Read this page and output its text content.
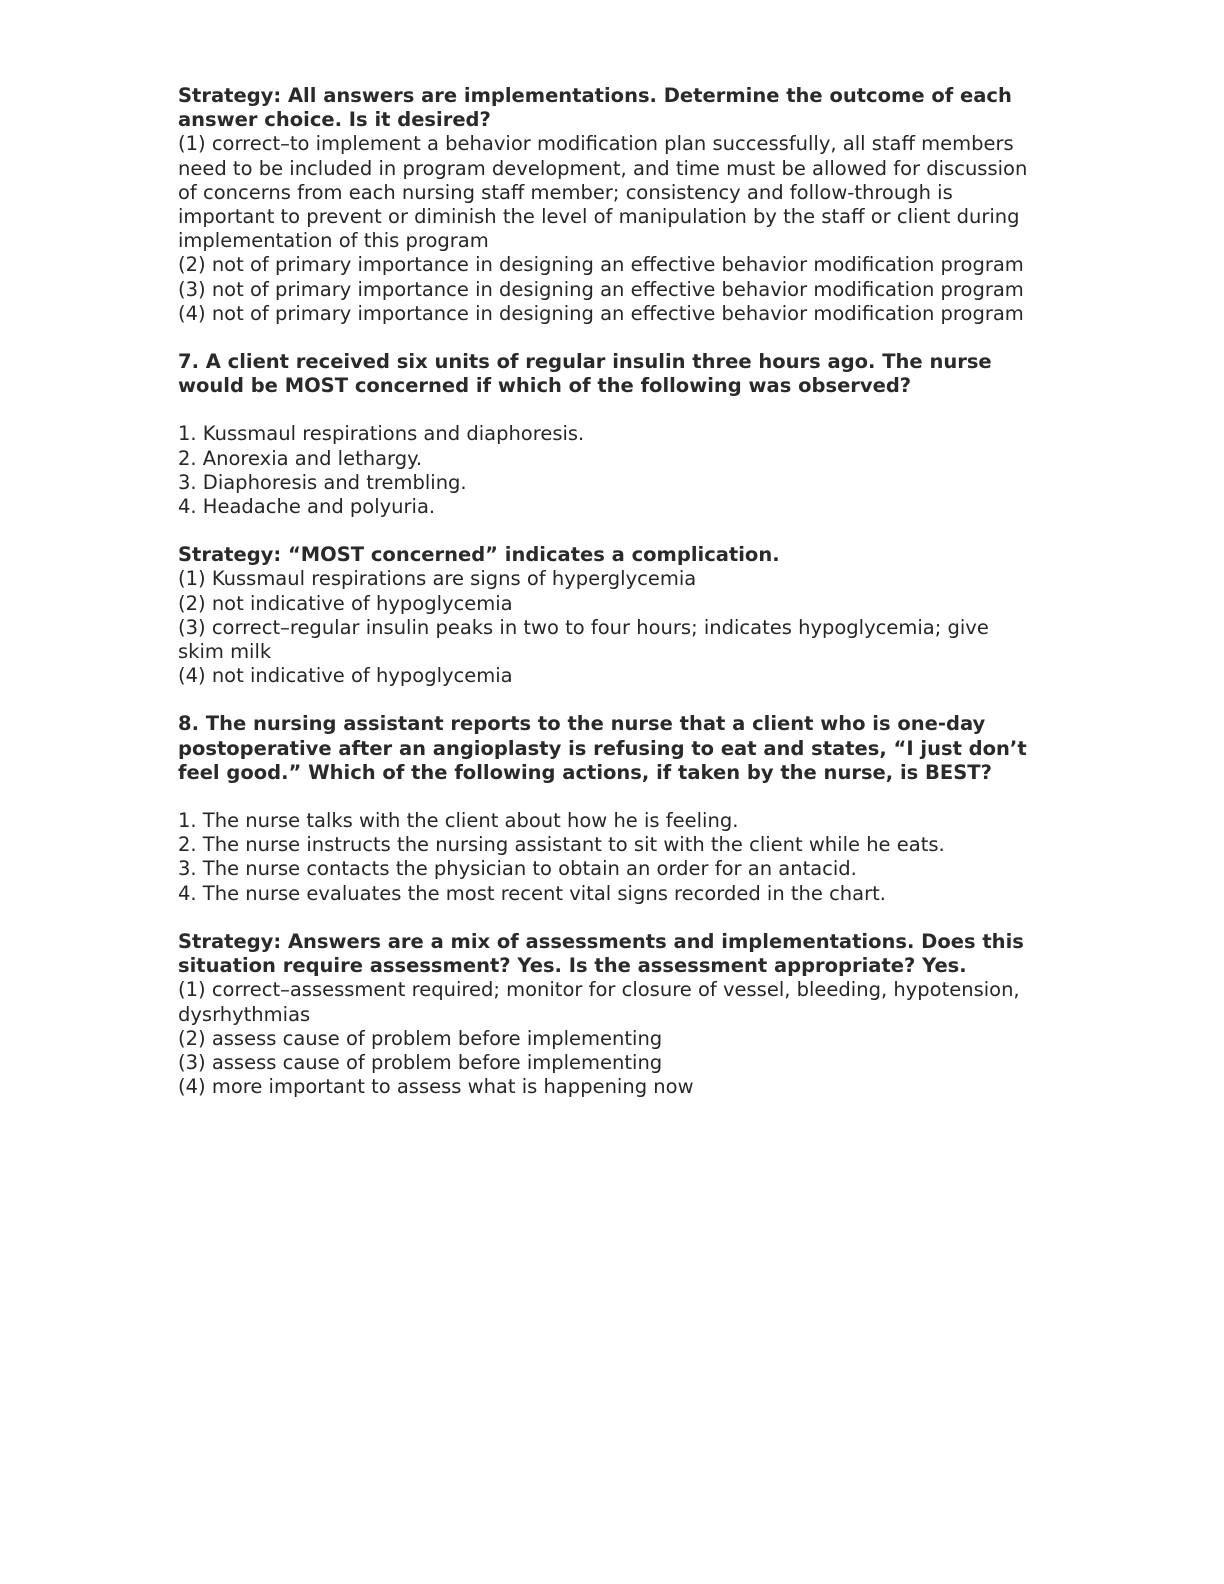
Strategy: All answers are implementations. Determine the outcome of each answer choice. Is it desired?

(1) correct–to implement a behavior modification plan successfully, all staff members need to be included in program development, and time must be allowed for discussion of concerns from each nursing staff member; consistency and follow-through is important to prevent or diminish the level of manipulation by the staff or client during implementation of this program

(2) not of primary importance in designing an effective behavior modification program

(3) not of primary importance in designing an effective behavior modification program

(4) not of primary importance in designing an effective behavior modification program

7. A client received six units of regular insulin three hours ago. The nurse would be MOST concerned if which of the following was observed?

1. Kussmaul respirations and diaphoresis.

2. Anorexia and lethargy.

3. Diaphoresis and trembling.

4. Headache and polyuria.

Strategy: “MOST concerned” indicates a complication.

(1) Kussmaul respirations are signs of hyperglycemia

(2) not indicative of hypoglycemia

(3) correct–regular insulin peaks in two to four hours; indicates hypoglycemia; give skim milk

(4) not indicative of hypoglycemia

8. The nursing assistant reports to the nurse that a client who is one-day postoperative after an angioplasty is refusing to eat and states, “I just don’t feel good.” Which of the following actions, if taken by the nurse, is BEST?

1. The nurse talks with the client about how he is feeling.

2. The nurse instructs the nursing assistant to sit with the client while he eats.

3. The nurse contacts the physician to obtain an order for an antacid.

4. The nurse evaluates the most recent vital signs recorded in the chart.

Strategy: Answers are a mix of assessments and implementations. Does this situation require assessment? Yes. Is the assessment appropriate? Yes.

(1) correct–assessment required; monitor for closure of vessel, bleeding, hypotension, dysrhythmias

(2) assess cause of problem before implementing

(3) assess cause of problem before implementing

(4) more important to assess what is happening now
